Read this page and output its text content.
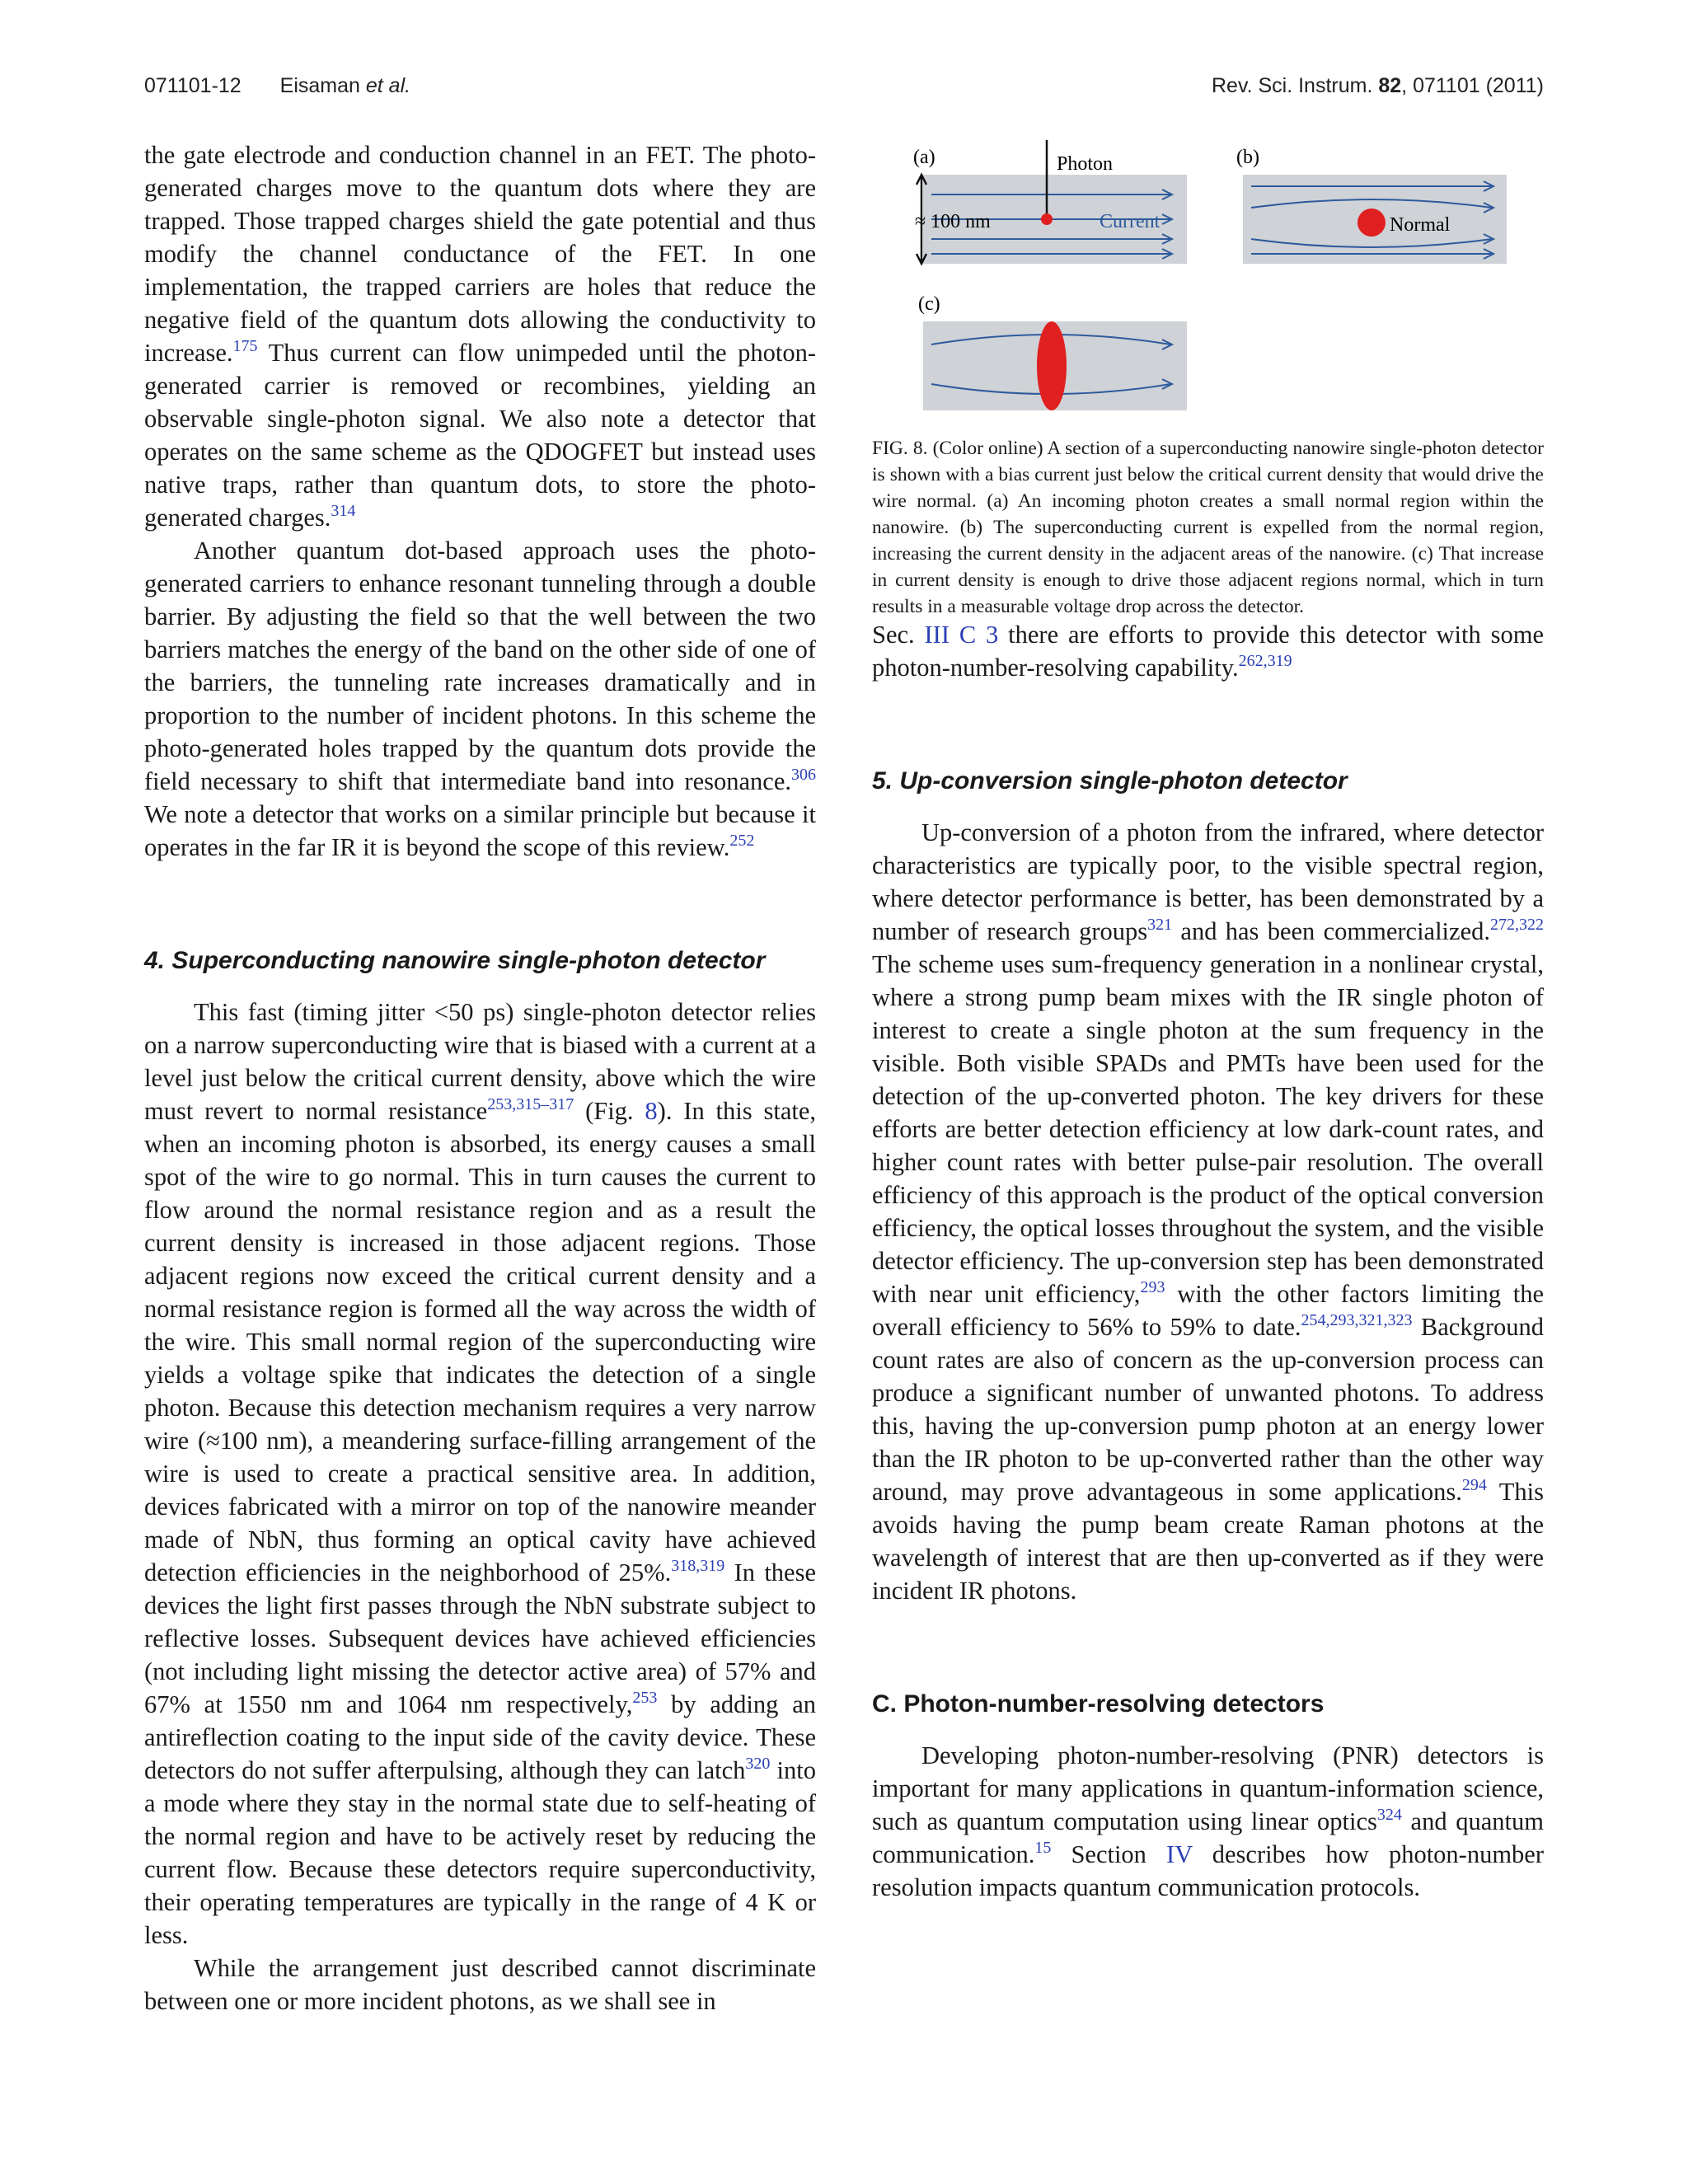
071101-12 Eisaman et al.	Rev. Sci. Instrum. 82, 071101 (2011)

the gate electrode and conduction channel in an FET. The photo-generated charges move to the quantum dots where they are trapped. Those trapped charges shield the gate potential and thus modify the channel conductance of the FET. In one implementation, the trapped carriers are holes that reduce the negative field of the quantum dots allowing the conductivity to increase.$^{175}$ Thus current can flow unimpeded until the photon-generated carrier is removed or recombines, yielding an observable single-photon signal. We also note a detector that operates on the same scheme as the QDOGFET but instead uses native traps, rather than quantum dots, to store the photo-generated charges.$^{314}$

Another quantum dot-based approach uses the photo-generated carriers to enhance resonant tunneling through a double barrier. By adjusting the field so that the well between the two barriers matches the energy of the band on the other side of one of the barriers, the tunneling rate increases dramatically and in proportion to the number of incident photons. In this scheme the photo-generated holes trapped by the quantum dots provide the field necessary to shift that intermediate band into resonance.$^{306}$ We note a detector that works on a similar principle but because it operates in the far IR it is beyond the scope of this review.$^{252}$

4. Superconducting nanowire single-photon detector

This fast (timing jitter <50 ps) single-photon detector relies on a narrow superconducting wire that is biased with a current at a level just below the critical current density, above which the wire must revert to normal resistance$^{253,315-317}$ (Fig. 8). In this state, when an incoming photon is absorbed, its energy causes a small spot of the wire to go normal. This in turn causes the current to flow around the normal resistance region and as a result the current density is increased in those adjacent regions. Those adjacent regions now exceed the critical current density and a normal resistance region is formed all the way across the width of the wire. This small normal region of the superconducting wire yields a voltage spike that indicates the detection of a single photon. Because this detection mechanism requires a very narrow wire (≈100 nm), a meandering surface-filling arrangement of the wire is used to create a practical sensitive area. In addition, devices fabricated with a mirror on top of the nanowire meander made of NbN, thus forming an optical cavity have achieved detection efficiencies in the neighborhood of 25%.$^{318,319}$ In these devices the light first passes through the NbN substrate subject to reflective losses. Subsequent devices have achieved efficiencies (not including light missing the detector active area) of 57% and 67% at 1550 nm and 1064 nm respectively,$^{253}$ by adding an antireflection coating to the input side of the cavity device. These detectors do not suffer afterpulsing, although they can latch$^{320}$ into a mode where they stay in the normal state due to self-heating of the normal region and have to be actively reset by reducing the current flow. Because these detectors require superconductivity, their operating temperatures are typically in the range of 4 K or less.

While the arrangement just described cannot discriminate between one or more incident photons, as we shall see in

(a)	Photon
≈ 100 nm	Current
(b)
Normal
(c)
FIG. 8. (Color online) A section of a superconducting nanowire single-photon detector is shown with a bias current just below the critical current density that would drive the wire normal. (a) An incoming photon creates a small normal region within the nanowire. (b) The superconducting current is expelled from the normal region, increasing the current density in the adjacent areas of the nanowire. (c) That increase in current density is enough to drive those adjacent regions normal, which in turn results in a measurable voltage drop across the detector.

Sec. III C 3 there are efforts to provide this detector with some photon-number-resolving capability.$^{262,319}$

5. Up-conversion single-photon detector

Up-conversion of a photon from the infrared, where detector characteristics are typically poor, to the visible spectral region, where detector performance is better, has been demonstrated by a number of research groups$^{321}$ and has been commercialized.$^{272,322}$ The scheme uses sum-frequency generation in a nonlinear crystal, where a strong pump beam mixes with the IR single photon of interest to create a single photon at the sum frequency in the visible. Both visible SPADs and PMTs have been used for the detection of the up-converted photon. The key drivers for these efforts are better detection efficiency at low dark-count rates, and higher count rates with better pulse-pair resolution. The overall efficiency of this approach is the product of the optical conversion efficiency, the optical losses throughout the system, and the visible detector efficiency. The up-conversion step has been demonstrated with near unit efficiency,$^{293}$ with the other factors limiting the overall efficiency to 56% to 59% to date.$^{254,293,321,323}$ Background count rates are also of concern as the up-conversion process can produce a significant number of unwanted photons. To address this, having the up-conversion pump photon at an energy lower than the IR photon to be up-converted rather than the other way around, may prove advantageous in some applications.$^{294}$ This avoids having the pump beam create Raman photons at the wavelength of interest that are then up-converted as if they were incident IR photons.

C. Photon-number-resolving detectors

Developing photon-number-resolving (PNR) detectors is important for many applications in quantum-information science, such as quantum computation using linear optics$^{324}$ and quantum communication.$^{15}$ Section IV describes how photon-number resolution impacts quantum communication protocols.
